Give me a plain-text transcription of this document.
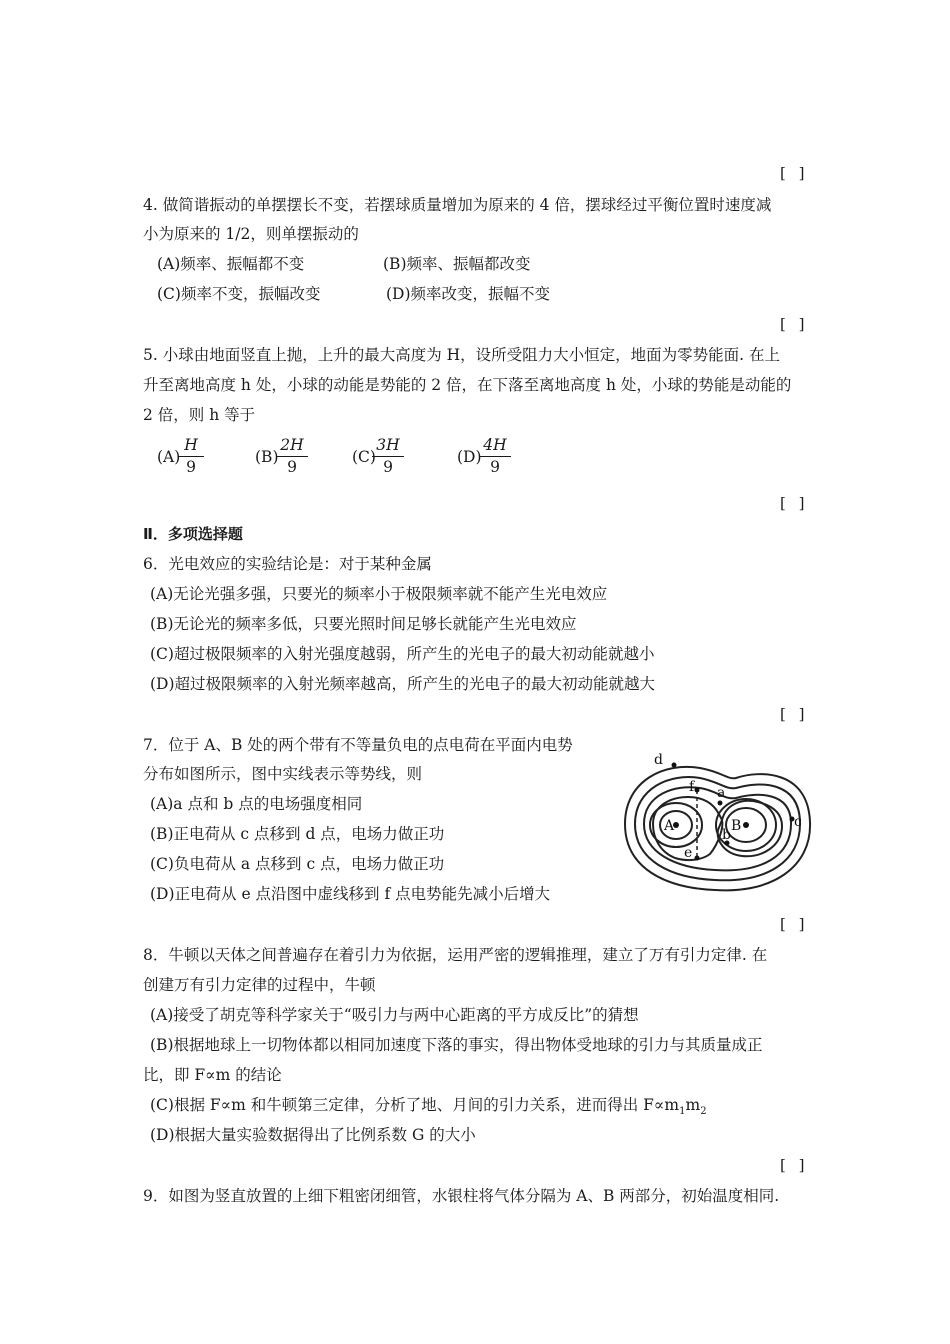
[ ]
4. 做简谐振动的单摆摆长不变，若摆球质量增加为原来的 4 倍，摆球经过平衡位置时速度减
小为原来的 1/2，则单摆振动的
(A)频率、振幅都不变	(B)频率、振幅都改变
(C)频率不变，振幅改变	(D)频率改变，振幅不变
[ ]
5. 小球由地面竖直上抛，上升的最大高度为 H，设所受阻力大小恒定，地面为零势能面. 在上
升至离地高度 h 处，小球的动能是势能的 2 倍，在下落至离地高度 h 处，小球的势能是动能的
2 倍，则 h 等于
(A)
$\frac{H}{9}$	(B)
$\frac{2H}{9}$	(C)
$\frac{3H}{9}$	(D)
$\frac{4H}{9}$
[ ]
Ⅱ．多项选择题
6．光电效应的实验结论是：对于某种金属
(A)无论光强多强，只要光的频率小于极限频率就不能产生光电效应
(B)无论光的频率多低，只要光照时间足够长就能产生光电效应
(C)超过极限频率的入射光强度越弱，所产生的光电子的最大初动能就越小
(D)超过极限频率的入射光频率越高，所产生的光电子的最大初动能就越大
[ ]
7．位于 A、B 处的两个带有不等量负电的点电荷在平面内电势
分布如图所示，图中实线表示等势线，则
(A)a 点和 b 点的电场强度相同
(B)正电荷从 c 点移到 d 点，电场力做正功
(C)负电荷从 a 点移到 c 点，电场力做正功
(D)正电荷从 e 点沿图中虚线移到 f 点电势能先减小后增大
A	B
a
b
c
d
e
f
[ ]
8．牛顿以天体之间普遍存在着引力为依据，运用严密的逻辑推理，建立了万有引力定律. 在
创建万有引力定律的过程中，牛顿
(A)接受了胡克等科学家关于“吸引力与两中心距离的平方成反比”的猜想
(B)根据地球上一切物体都以相同加速度下落的事实，得出物体受地球的引力与其质量成正
比，即 F∝m 的结论
(C)根据 F∝m 和牛顿第三定律，分析了地、月间的引力关系，进而得出 $F\propto m_1m_2$
(D)根据大量实验数据得出了比例系数 G 的大小
[ ]
9．如图为竖直放置的上细下粗密闭细管，水银柱将气体分隔为 A、B 两部分，初始温度相同.
